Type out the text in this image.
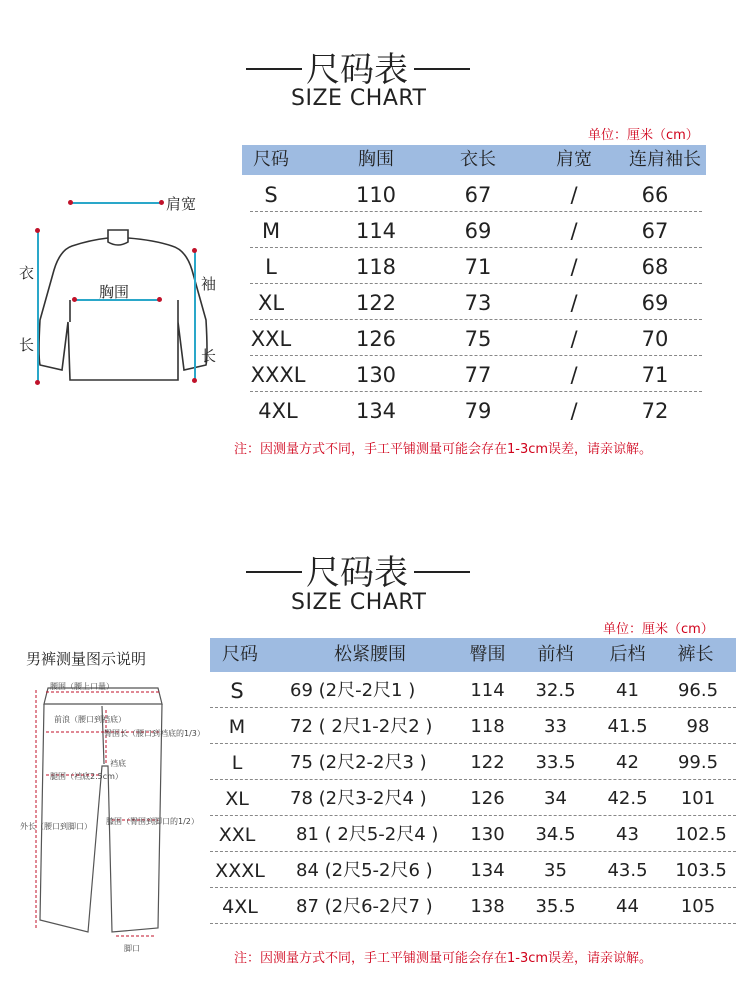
尺码表
SIZE CHART
单位：厘米（cm）
肩宽
胸围
衣
长
袖
长
尺码	胸围	衣长	肩宽	连肩袖长
S	110	67	/	66
M	114	69	/	67
L	118	71	/	68
XL	122	73	/	69
XXL	126	75	/	70
XXXL	130	77	/	71
4XL	134	79	/	72
注：因测量方式不同，手工平铺测量可能会存在1-3cm误差，请亲谅解。
尺码表
SIZE CHART
单位：厘米（cm）
男裤测量图示说明
腰围（腰上口量）
前浪（腰口到裆底）
臀围长（腰口到裆底的1/3）
裆底
腿围（裆底2.5cm）
外长（腰口到脚口）
膝围（臀围到脚口的1/2）
脚口
尺码	松紧腰围	臀围	前档	后档	裤长
S	69 (2尺-2尺1 )	114	32.5	41	96.5
M	72 ( 2尺1-2尺2 )	118	33	41.5	98
L	75 (2尺2-2尺3 )	122	33.5	42	99.5
XL	78 (2尺3-2尺4 )	126	34	42.5	101
XXL	81 ( 2尺5-2尺4 )	130	34.5	43	102.5
XXXL 84 (2尺5-2尺6 )	134	35	43.5	103.5
4XL	87 (2尺6-2尺7 )	138	35.5	44	105
注：因测量方式不同，手工平铺测量可能会存在1-3cm误差，请亲谅解。
